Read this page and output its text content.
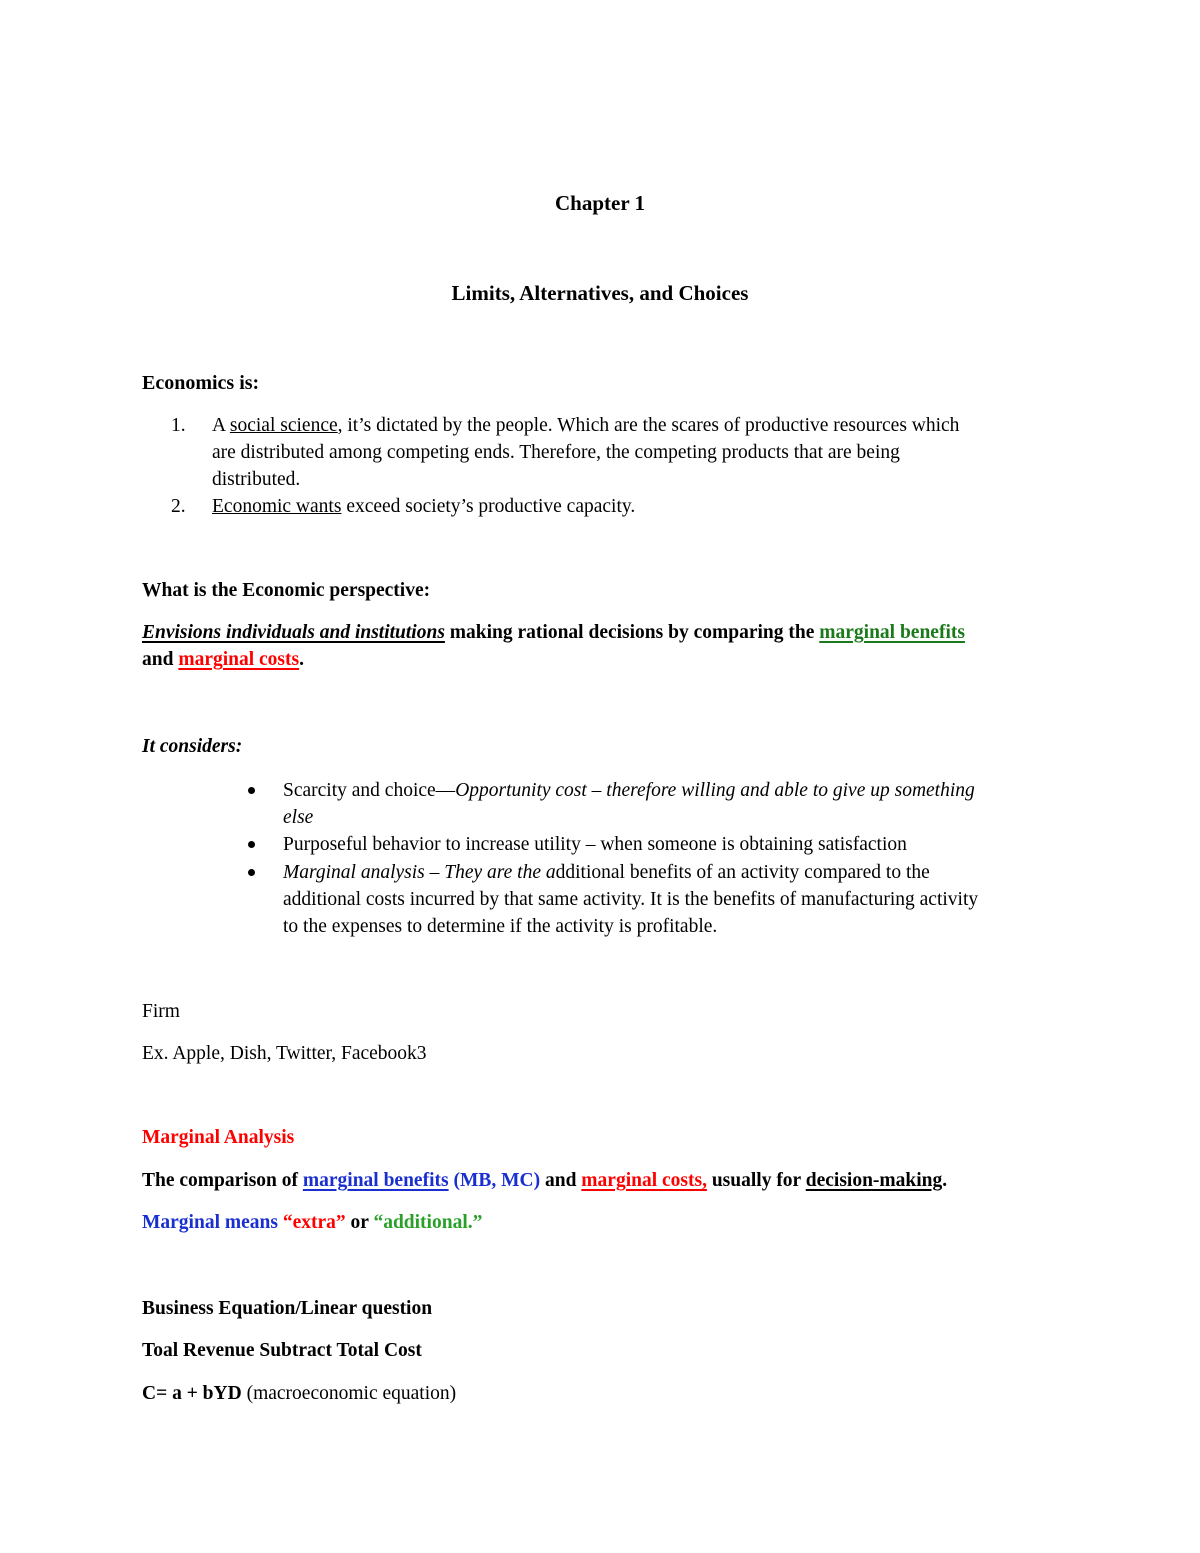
Chapter 1
Limits, Alternatives, and Choices
Economics is:
1. A social science, it’s dictated by the people. Which are the scares of productive resources which
are distributed among competing ends. Therefore, the competing products that are being
distributed.
2. Economic wants exceed society’s productive capacity.
What is the Economic perspective:
Envisions individuals and institutions making rational decisions by comparing the marginal benefits
and marginal costs.
It considers:
Scarcity and choice—Opportunity cost – therefore willing and able to give up something
else
Purposeful behavior to increase utility – when someone is obtaining satisfaction
Marginal analysis – They are the additional benefits of an activity compared to the
additional costs incurred by that same activity. It is the benefits of manufacturing activity
to the expenses to determine if the activity is profitable.
Firm
Ex. Apple, Dish, Twitter, Facebook3
Marginal Analysis
The comparison of marginal benefits (MB, MC) and marginal costs, usually for decision-making.
Marginal means “extra” or “additional.”
Business Equation/Linear question
Toal Revenue Subtract Total Cost
C= a + bYD (macroeconomic equation)
